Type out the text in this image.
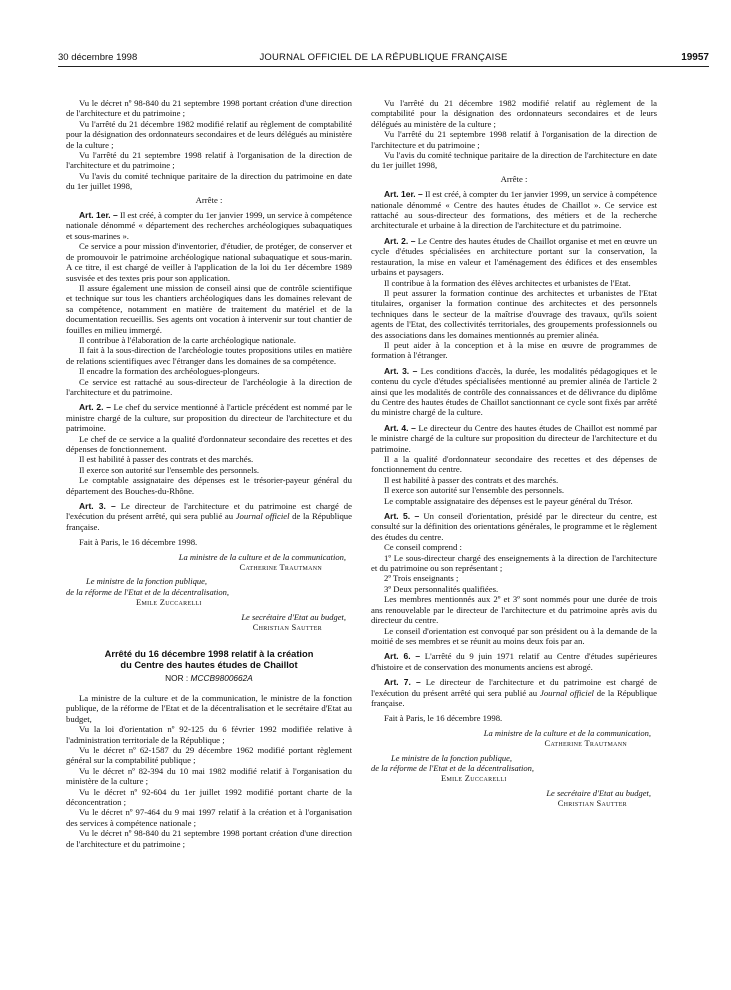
30 décembre 1998	JOURNAL OFFICIEL DE LA RÉPUBLIQUE FRANÇAISE	19957

Vu le décret nº 98-840 du 21 septembre 1998 portant création d'une direction de l'architecture et du patrimoine ;

Vu l'arrêté du 21 décembre 1982 modifié relatif au règlement de comptabilité pour la désignation des ordonnateurs secondaires et de leurs délégués au ministère de la culture ;

Vu l'arrêté du 21 septembre 1998 relatif à l'organisation de la direction de l'architecture et du patrimoine ;

Vu l'avis du comité technique paritaire de la direction du patrimoine en date du 1er juillet 1998,

Arrête :

Art. 1er. – Il est créé, à compter du 1er janvier 1999, un service à compétence nationale dénommé « département des recherches archéologiques subaquatiques et sous-marines ».

Ce service a pour mission d'inventorier, d'étudier, de protéger, de conserver et de promouvoir le patrimoine archéologique national subaquatique et sous-marin. A ce titre, il est chargé de veiller à l'application de la loi du 1er décembre 1989 susvisée et des textes pris pour son application.

Il assure également une mission de conseil ainsi que de contrôle scientifique et technique sur tous les chantiers archéologiques dans les domaines relevant de sa compétence, notamment en matière de traitement du matériel et de la documentation recueillis. Ses agents ont vocation à intervenir sur tout chantier de fouilles en milieu immergé.

Il contribue à l'élaboration de la carte archéologique nationale.

Il fait à la sous-direction de l'archéologie toutes propositions utiles en matière de relations scientifiques avec l'étranger dans les domaines de sa compétence.

Il encadre la formation des archéologues-plongeurs.

Ce service est rattaché au sous-directeur de l'archéologie à la direction de l'architecture et du patrimoine.

Art. 2. – Le chef du service mentionné à l'article précédent est nommé par le ministre chargé de la culture, sur proposition du directeur de l'architecture et du patrimoine.

Le chef de ce service a la qualité d'ordonnateur secondaire des recettes et des dépenses de fonctionnement.

Il est habilité à passer des contrats et des marchés.

Il exerce son autorité sur l'ensemble des personnels.

Le comptable assignataire des dépenses est le trésorier-payeur général du département des Bouches-du-Rhône.

Art. 3. – Le directeur de l'architecture et du patrimoine est chargé de l'exécution du présent arrêté, qui sera publié au Journal officiel de la République française.

Fait à Paris, le 16 décembre 1998.

La ministre de la culture et de la communication,
Catherine Trautmann
Le ministre de la fonction publique,
de la réforme de l'Etat et de la décentralisation,
Emile Zuccarelli
Le secrétaire d'Etat au budget,
Christian Sautter
Arrêté du 16 décembre 1998 relatif à la création
du Centre des hautes études de Chaillot
NOR : MCCB9800662A

La ministre de la culture et de la communication, le ministre de la fonction publique, de la réforme de l'Etat et de la décentralisation et le secrétaire d'Etat au budget,

Vu la loi d'orientation nº 92-125 du 6 février 1992 modifiée relative à l'administration territoriale de la République ;

Vu le décret nº 62-1587 du 29 décembre 1962 modifié portant règlement général sur la comptabilité publique ;

Vu le décret nº 82-394 du 10 mai 1982 modifié relatif à l'organisation du ministère de la culture ;

Vu le décret nº 92-604 du 1er juillet 1992 modifié portant charte de la déconcentration ;

Vu le décret nº 97-464 du 9 mai 1997 relatif à la création et à l'organisation des services à compétence nationale ;

Vu le décret nº 98-840 du 21 septembre 1998 portant création d'une direction de l'architecture et du patrimoine ;

Vu l'arrêté du 21 décembre 1982 modifié relatif au règlement de la comptabilité pour la désignation des ordonnateurs secondaires et de leurs délégués au ministère de la culture ;

Vu l'arrêté du 21 septembre 1998 relatif à l'organisation de la direction de l'architecture et du patrimoine ;

Vu l'avis du comité technique paritaire de la direction de l'architecture en date du 1er juillet 1998,

Arrête :

Art. 1er. – Il est créé, à compter du 1er janvier 1999, un service à compétence nationale dénommé « Centre des hautes études de Chaillot ». Ce service est rattaché au sous-directeur des formations, des métiers et de la recherche architecturale et urbaine à la direction de l'architecture et du patrimoine.

Art. 2. – Le Centre des hautes études de Chaillot organise et met en œuvre un cycle d'études spécialisées en architecture portant sur la conservation, la restauration, la mise en valeur et l'aménagement des édifices et des ensembles urbains et paysagers.

Il contribue à la formation des élèves architectes et urbanistes de l'Etat.

Il peut assurer la formation continue des architectes et urbanistes de l'Etat titulaires, organiser la formation continue des architectes et des personnels techniques dans le secteur de la maîtrise d'ouvrage des travaux, qu'ils soient agents de l'Etat, des collectivités territoriales, des groupements professionnels ou des associations dans les domaines mentionnés au premier alinéa.

Il peut aider à la conception et à la mise en œuvre de programmes de formation à l'étranger.

Art. 3. – Les conditions d'accès, la durée, les modalités pédagogiques et le contenu du cycle d'études spécialisées mentionné au premier alinéa de l'article 2 ainsi que les modalités de contrôle des connaissances et de délivrance du diplôme du Centre des hautes études de Chaillot sanctionnant ce cycle sont fixés par arrêté du ministre chargé de la culture.

Art. 4. – Le directeur du Centre des hautes études de Chaillot est nommé par le ministre chargé de la culture sur proposition du directeur de l'architecture et du patrimoine.

Il a la qualité d'ordonnateur secondaire des recettes et des dépenses de fonctionnement du centre.

Il est habilité à passer des contrats et des marchés.

Il exerce son autorité sur l'ensemble des personnels.

Le comptable assignataire des dépenses est le payeur général du Trésor.

Art. 5. – Un conseil d'orientation, présidé par le directeur du centre, est consulté sur la définition des orientations générales, le programme et le règlement des études du centre.

Ce conseil comprend :

1º Le sous-directeur chargé des enseignements à la direction de l'architecture et du patrimoine ou son représentant ;

2º Trois enseignants ;

3º Deux personnalités qualifiées.

Les membres mentionnés aux 2º et 3º sont nommés pour une durée de trois ans renouvelable par le directeur de l'architecture et du patrimoine après avis du directeur du centre.

Le conseil d'orientation est convoqué par son président ou à la demande de la moitié de ses membres et se réunit au moins deux fois par an.

Art. 6. – L'arrêté du 9 juin 1971 relatif au Centre d'études supérieures d'histoire et de conservation des monuments anciens est abrogé.

Art. 7. – Le directeur de l'architecture et du patrimoine est chargé de l'exécution du présent arrêté qui sera publié au Journal officiel de la République française.

Fait à Paris, le 16 décembre 1998.

La ministre de la culture et de la communication,
Catherine Trautmann
Le ministre de la fonction publique,
de la réforme de l'Etat et de la décentralisation,
Emile Zuccarelli
Le secrétaire d'Etat au budget,
Christian Sautter
